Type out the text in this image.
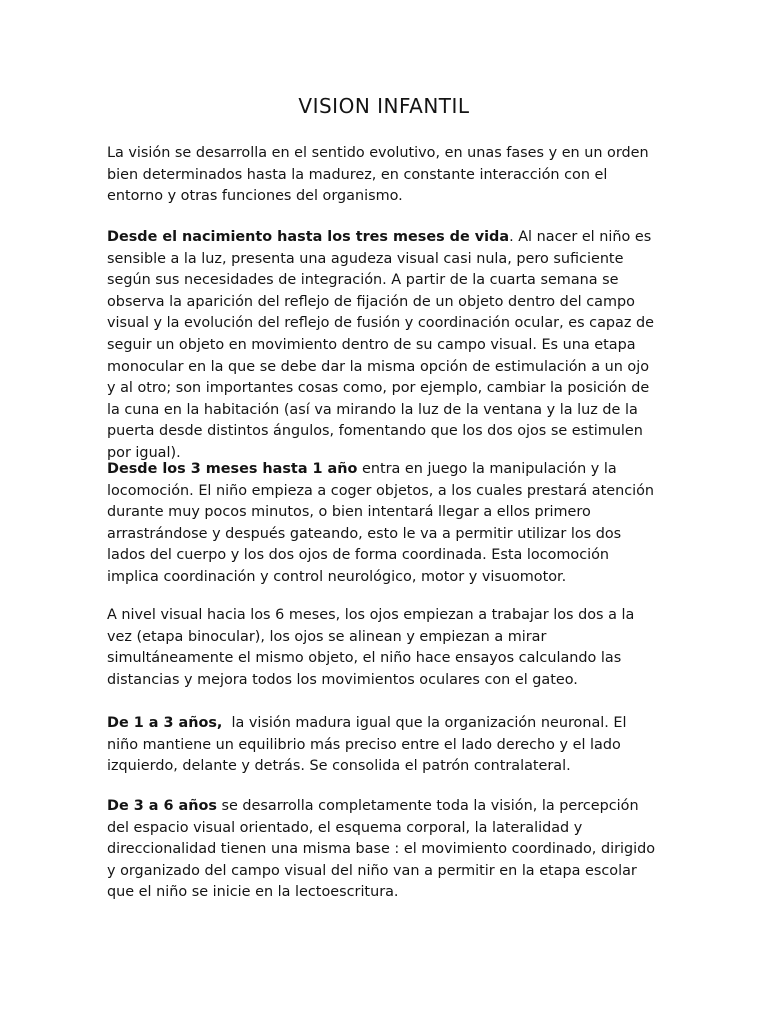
VISION INFANTIL

La visión se desarrolla en el sentido evolutivo, en unas fases y en un orden bien determinados hasta la madurez, en constante interacción con el entorno y otras funciones del organismo.

Desde el nacimiento hasta los tres meses de vida. Al nacer el niño es sensible a la luz, presenta una agudeza visual casi nula, pero suficiente según sus necesidades de integración. A partir de la cuarta semana se observa la aparición del reflejo de fijación de un objeto dentro del campo visual y la evolución del reflejo de fusión y coordinación ocular, es capaz de seguir un objeto en movimiento dentro de su campo visual. Es una etapa monocular en la que se debe dar la misma opción de estimulación a un ojo y al otro; son importantes cosas como, por ejemplo, cambiar la posición de la cuna en la habitación (así va mirando la luz de la ventana y la luz de la puerta desde distintos ángulos, fomentando que los dos ojos se estimulen por igual).

Desde los 3 meses hasta 1 año entra en juego la manipulación y la locomoción. El niño empieza a coger objetos, a los cuales prestará atención durante muy pocos minutos, o bien intentará llegar a ellos primero arrastrándose y después gateando, esto le va a permitir utilizar los dos lados del cuerpo y los dos ojos de forma coordinada. Esta locomoción implica coordinación y control neurológico, motor y visuomotor.

A nivel visual hacia los 6 meses, los ojos empiezan a trabajar los dos a la vez (etapa binocular), los ojos se alinean y empiezan a mirar simultáneamente el mismo objeto, el niño hace ensayos calculando las distancias y mejora todos los movimientos oculares con el gateo.

De 1 a 3 años,  la visión madura igual que la organización neuronal. El niño mantiene un equilibrio más preciso entre el lado derecho y el lado izquierdo, delante y detrás. Se consolida el patrón contralateral.

De 3 a 6 años se desarrolla completamente toda la visión, la percepción del espacio visual orientado, el esquema corporal, la lateralidad y direccionalidad tienen una misma base : el movimiento coordinado, dirigido y organizado del campo visual del niño van a permitir en la etapa escolar que el niño se inicie en la lectoescritura.
